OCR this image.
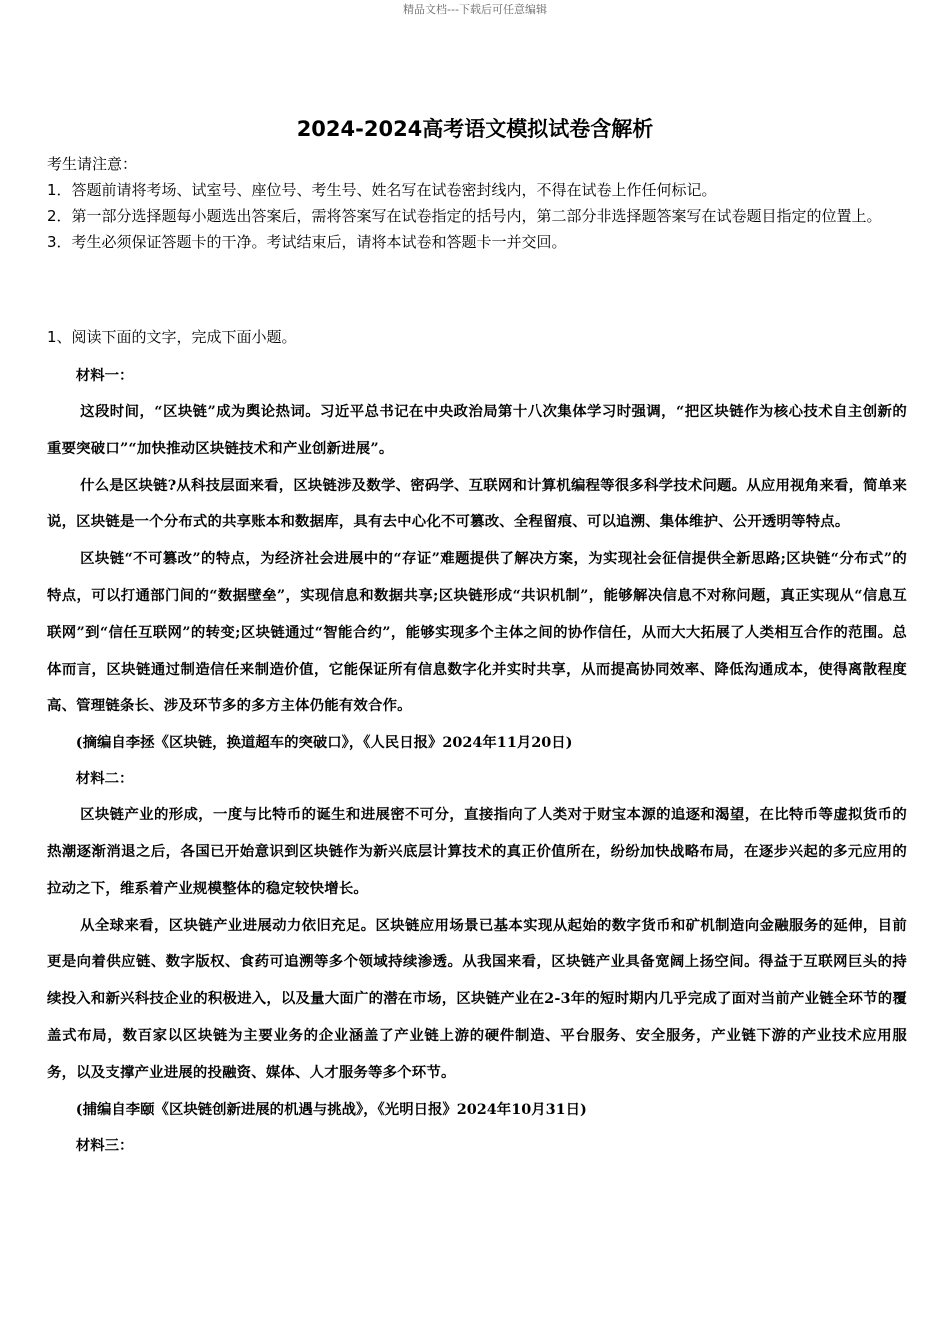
精品文档---下载后可任意编辑
2024-2024高考语文模拟试卷含解析

考生请注意：

1．答题前请将考场、试室号、座位号、考生号、姓名写在试卷密封线内，不得在试卷上作任何标记。

2．第一部分选择题每小题选出答案后，需将答案写在试卷指定的括号内，第二部分非选择题答案写在试卷题目指定的位置上。

3．考生必须保证答题卡的干净。考试结束后，请将本试卷和答题卡一并交回。

1、阅读下面的文字，完成下面小题。

材料一：

这段时间，“区块链”成为舆论热词。习近平总书记在中央政治局第十八次集体学习时强调，“把区块链作为核心技术自主创新的重要突破口”“加快推动区块链技术和产业创新进展”。

什么是区块链?从科技层面来看，区块链涉及数学、密码学、互联网和计算机编程等很多科学技术问题。从应用视角来看，简单来说，区块链是一个分布式的共享账本和数据库，具有去中心化不可篡改、全程留痕、可以追溯、集体维护、公开透明等特点。

区块链“不可篡改”的特点，为经济社会进展中的“存证”难题提供了解决方案，为实现社会征信提供全新思路;区块链“分布式”的特点，可以打通部门间的“数据壁垒”，实现信息和数据共享;区块链形成“共识机制”，能够解决信息不对称问题，真正实现从“信息互联网”到“信任互联网”的转变;区块链通过“智能合约”，能够实现多个主体之间的协作信任，从而大大拓展了人类相互合作的范围。总体而言，区块链通过制造信任来制造价值，它能保证所有信息数字化并实时共享，从而提高协同效率、降低沟通成本，使得离散程度高、管理链条长、涉及环节多的多方主体仍能有效合作。

(摘编自李拯《区块链，换道超车的突破口》，《人民日报》2024年11月20日)

材料二：

区块链产业的形成，一度与比特币的诞生和进展密不可分，直接指向了人类对于财宝本源的追逐和渴望，在比特币等虚拟货币的热潮逐渐消退之后，各国已开始意识到区块链作为新兴底层计算技术的真正价值所在，纷纷加快战略布局，在逐步兴起的多元应用的拉动之下，维系着产业规模整体的稳定较快增长。

从全球来看，区块链产业进展动力依旧充足。区块链应用场景已基本实现从起始的数字货币和矿机制造向金融服务的延伸，目前更是向着供应链、数字版权、食药可追溯等多个领域持续渗透。从我国来看，区块链产业具备宽阔上扬空间。得益于互联网巨头的持续投入和新兴科技企业的积极进入，以及量大面广的潜在市场，区块链产业在2-3年的短时期内几乎完成了面对当前产业链全环节的覆盖式布局，数百家以区块链为主要业务的企业涵盖了产业链上游的硬件制造、平台服务、安全服务，产业链下游的产业技术应用服务，以及支撑产业进展的投融资、媒体、人才服务等多个环节。

(捕编自李颐《区块链创新进展的机遇与挑战》，《光明日报》2024年10月31日)

材料三：
